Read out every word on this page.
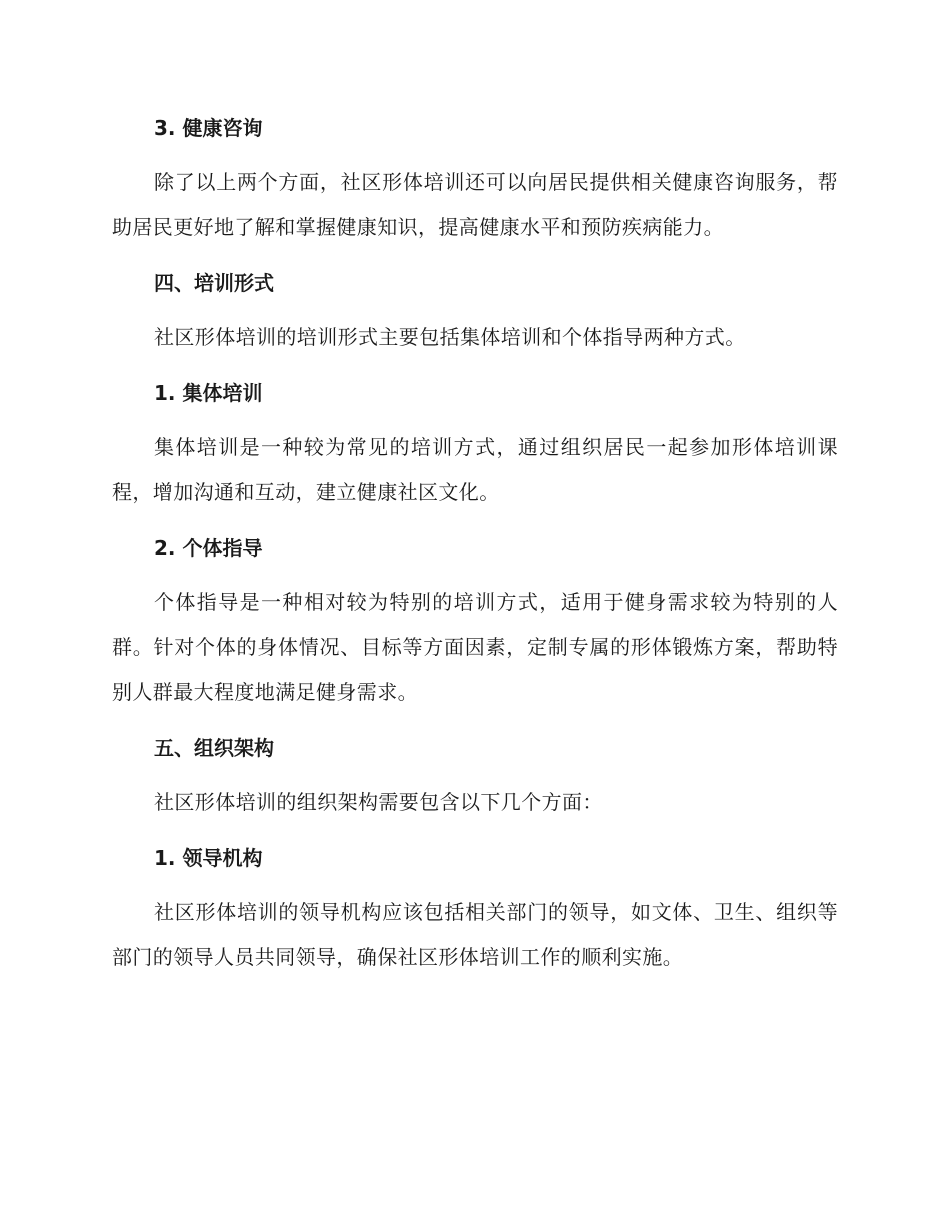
3. 健康咨询
除了以上两个方面，社区形体培训还可以向居民提供相关健康咨询服务，帮助居民更好地了解和掌握健康知识，提高健康水平和预防疾病能力。
四、培训形式
社区形体培训的培训形式主要包括集体培训和个体指导两种方式。
1. 集体培训
集体培训是一种较为常见的培训方式，通过组织居民一起参加形体培训课程，增加沟通和互动，建立健康社区文化。
2. 个体指导
个体指导是一种相对较为特别的培训方式，适用于健身需求较为特别的人群。针对个体的身体情况、目标等方面因素，定制专属的形体锻炼方案，帮助特别人群最大程度地满足健身需求。
五、组织架构
社区形体培训的组织架构需要包含以下几个方面：
1. 领导机构
社区形体培训的领导机构应该包括相关部门的领导，如文体、卫生、组织等部门的领导人员共同领导，确保社区形体培训工作的顺利实施。
